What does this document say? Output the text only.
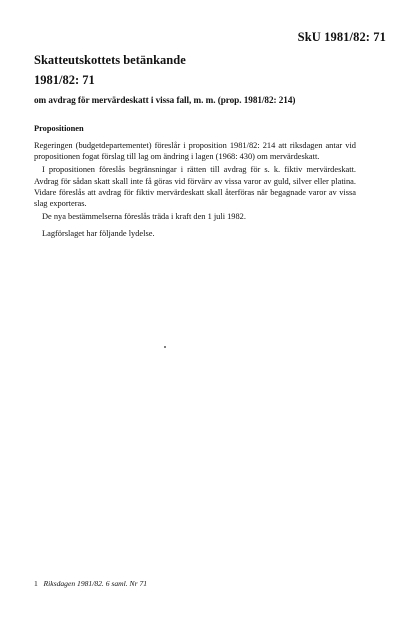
SkU 1981/82: 71

Skatteutskottets betänkande

1981/82: 71

om avdrag för mervärdeskatt i vissa fall, m. m. (prop. 1981/82: 214)

Propositionen

Regeringen (budgetdepartementet) föreslår i proposition 1981/82: 214 att riksdagen antar vid propositionen fogat förslag till lag om ändring i lagen (1968: 430) om mervärdeskatt.

I propositionen föreslås begränsningar i rätten till avdrag för s. k. fiktiv mervärdeskatt. Avdrag för sådan skatt skall inte få göras vid förvärv av vissa varor av guld, silver eller platina. Vidare föreslås att avdrag för fiktiv mervärdeskatt skall återföras när begagnade varor av vissa slag exporteras.

De nya bestämmelserna föreslås träda i kraft den 1 juli 1982.

Lagförslaget har följande lydelse.

1 Riksdagen 1981/82. 6 saml. Nr 71
